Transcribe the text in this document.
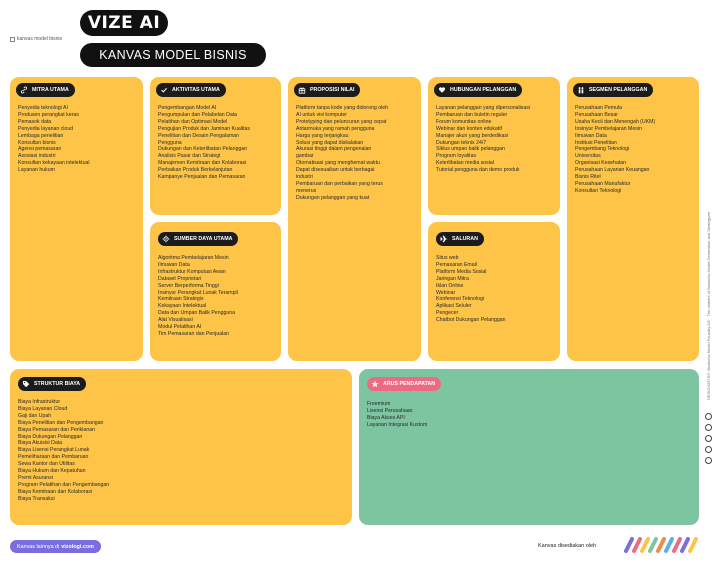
kanvas model bisnis
VIZE AI
KANVAS MODEL BISNIS
MITRA UTAMA
Penyedia teknologi AI
Produsen perangkat keras
Pemasok data
Penyedia layanan cloud
Lembaga penelitian
Konsultan bisnis
Agensi pemasaran
Asosiasi industri
Konsultan kekayaan intelektual
Layanan hukum
AKTIVITAS UTAMA
Pengembangan Model AI
Pengumpulan dan Pelabelan Data
Pelatihan dan Optimasi Model
Pengujian Produk dan Jaminan Kualitas
Penelitian dan Desain Pengalaman
Pengguna
Dukungan dan Keterlibatan Pelanggan
Analisis Pasar dan Strategi
Manajemen Kemitraan dan Kolaborasi
Perbaikan Produk Berkelanjutan
Kampanye Penjualan dan Pemasaran
SUMBER DAYA UTAMA
Algoritma Pembelajaran Mesin
Ilmuwan Data
Infrastruktur Komputasi Awan
Dataset Proprietari
Server Berperforma Tinggi
Insinyur Perangkat Lunak Terampil
Kemitraan Strategis
Kekayaan Intelektual
Data dan Umpan Balik Pengguna
Alat Visualisasi
Modul Pelatihan AI
Tim Pemasaran dan Penjualan
PROPOSISI NILAI
Platform tanpa kode yang didorong oleh
AI untuk visi komputer
Prototyping dan peluncuran yang cepat
Antarmuka yang ramah pengguna
Harga yang terjangkau
Solusi yang dapat diskalakan
Akurasi tinggi dalam pengenalan
gambar
Otomatisasi yang menghemat waktu
Dapat disesuaikan untuk berbagai
industri
Pembaruan dan perbaikan yang terus
menerus
Dukungan pelanggan yang kuat
HUBUNGAN PELANGGAN
Layanan pelanggan yang dipersonalisasi
Pembaruan dan buletin reguler
Forum komunitas online
Webinar dan konten edukatif
Manajer akun yang berdedikasi
Dukungan teknis 24/7
Siklus umpan balik pelanggan
Program loyalitas
Keterlibatan media sosial
Tutorial pengguna dan demo produk
SALURAN
Situs web
Pemasaran Email
Platform Media Sosial
Jaringan Mitra
Iklan Online
Webinar
Konferensi Teknologi
Aplikasi Seluler
Pengecer
Chatbot Dukungan Pelanggan
SEGMEN PELANGGAN
Perusahaan Pemula
Perusahaan Besar
Usaha Kecil dan Menengah (UKM)
Insinyur Pembelajaran Mesin
Ilmuwan Data
Institusi Penelitian
Pengembang Teknologi
Universitas
Organisasi Kesehatan
Perusahaan Layanan Keuangan
Bisnis Ritel
Perusahaan Manufaktur
Konsultan Teknologi
STRUKTUR BIAYA
Biaya Infrastruktur
Biaya Layanan Cloud
Gaji dan Upah
Biaya Penelitian dan Pengembangan
Biaya Pemasaran dan Periklanan
Biaya Dukungan Pelanggan
Biaya Akuisisi Data
Biaya Lisensi Perangkat Lunak
Pemeliharaan dan Pembaruan
Sewa Kantor dan Utilitas
Biaya Hukum dan Kepatuhan
Premi Asuransi
Program Pelatihan dan Pengembangan
Biaya Kemitraan dan Kolaborasi
Biaya Transaksi
ARUS PENDAPATAN
Freemium
Lisensi Perusahaan
Biaya Akses API
Layanan Integrasi Kustom
DESIGNED BY: Business Model Foundry AG · The makers of Business Model Generation and Strategyzer
Kanvas lainnya di vizologi.com	Kanvas disediakan oleh
